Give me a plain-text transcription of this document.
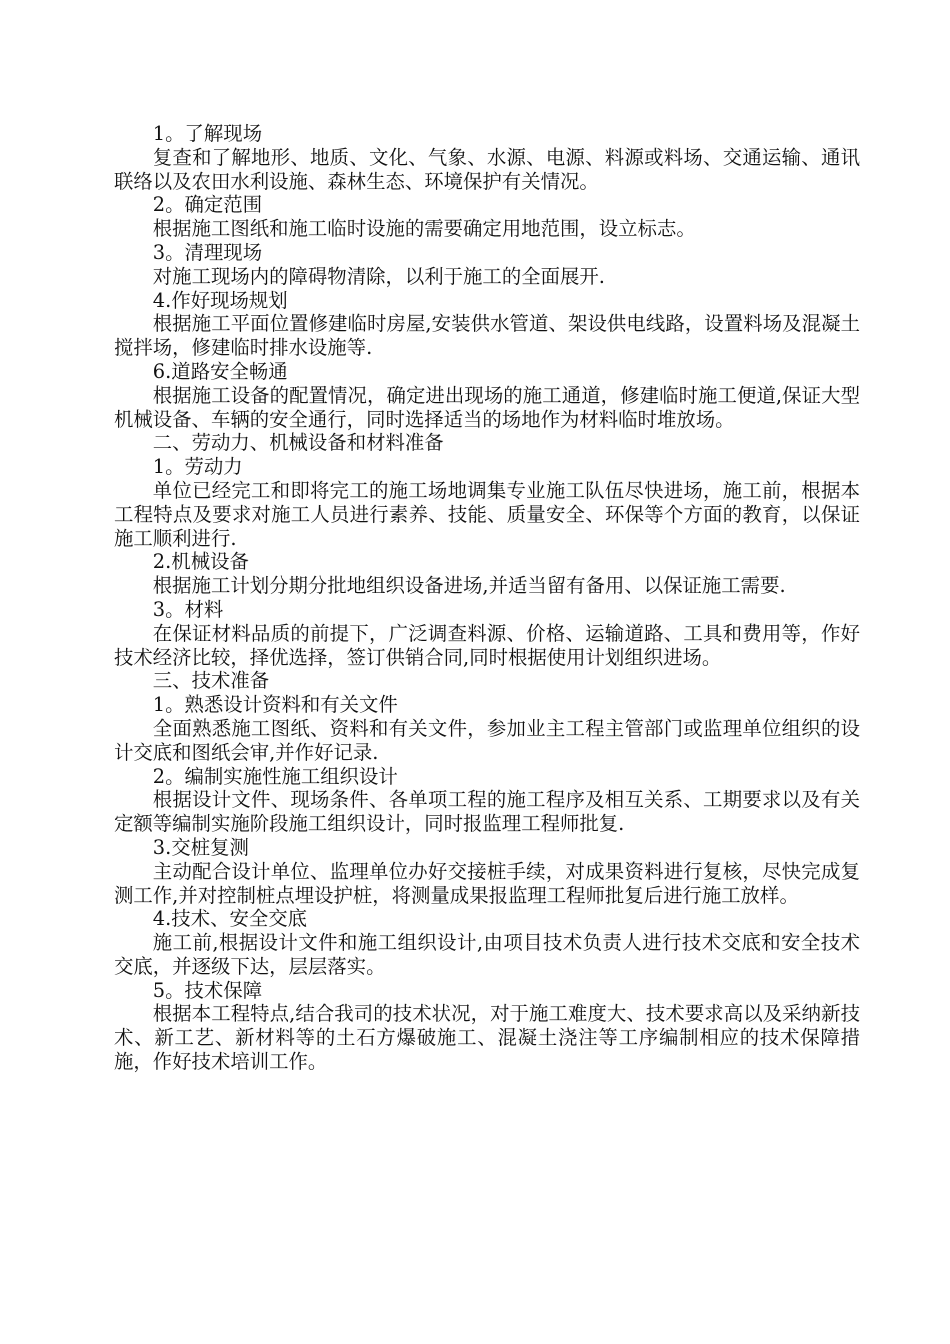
1。了解现场

复查和了解地形、地质、文化、气象、水源、电源、料源或料场、交通运输、通讯联络以及农田水利设施、森林生态、环境保护有关情况。

2。确定范围

根据施工图纸和施工临时设施的需要确定用地范围，设立标志。

3。清理现场

对施工现场内的障碍物清除，以利于施工的全面展开.

4.作好现场规划

根据施工平面位置修建临时房屋,安装供水管道、架设供电线路，设置料场及混凝土搅拌场，修建临时排水设施等.

6.道路安全畅通

根据施工设备的配置情况，确定进出现场的施工通道，修建临时施工便道,保证大型机械设备、车辆的安全通行，同时选择适当的场地作为材料临时堆放场。

二、劳动力、机械设备和材料准备

1。劳动力

单位已经完工和即将完工的施工场地调集专业施工队伍尽快进场，施工前，根据本工程特点及要求对施工人员进行素养、技能、质量安全、环保等个方面的教育，以保证施工顺利进行.

2.机械设备

根据施工计划分期分批地组织设备进场,并适当留有备用、以保证施工需要.

3。材料

在保证材料品质的前提下，广泛调查料源、价格、运输道路、工具和费用等，作好技术经济比较，择优选择，签订供销合同,同时根据使用计划组织进场。

三、技术准备

1。熟悉设计资料和有关文件

全面熟悉施工图纸、资料和有关文件，参加业主工程主管部门或监理单位组织的设计交底和图纸会审,并作好记录.

2。编制实施性施工组织设计

根据设计文件、现场条件、各单项工程的施工程序及相互关系、工期要求以及有关定额等编制实施阶段施工组织设计，同时报监理工程师批复.

3.交桩复测

主动配合设计单位、监理单位办好交接桩手续，对成果资料进行复核，尽快完成复测工作,并对控制桩点埋设护桩，将测量成果报监理工程师批复后进行施工放样。

4.技术、安全交底

施工前,根据设计文件和施工组织设计,由项目技术负责人进行技术交底和安全技术交底，并逐级下达，层层落实。

5。技术保障

根据本工程特点,结合我司的技术状况，对于施工难度大、技术要求高以及采纳新技术、新工艺、新材料等的土石方爆破施工、混凝土浇注等工序编制相应的技术保障措施，作好技术培训工作。
